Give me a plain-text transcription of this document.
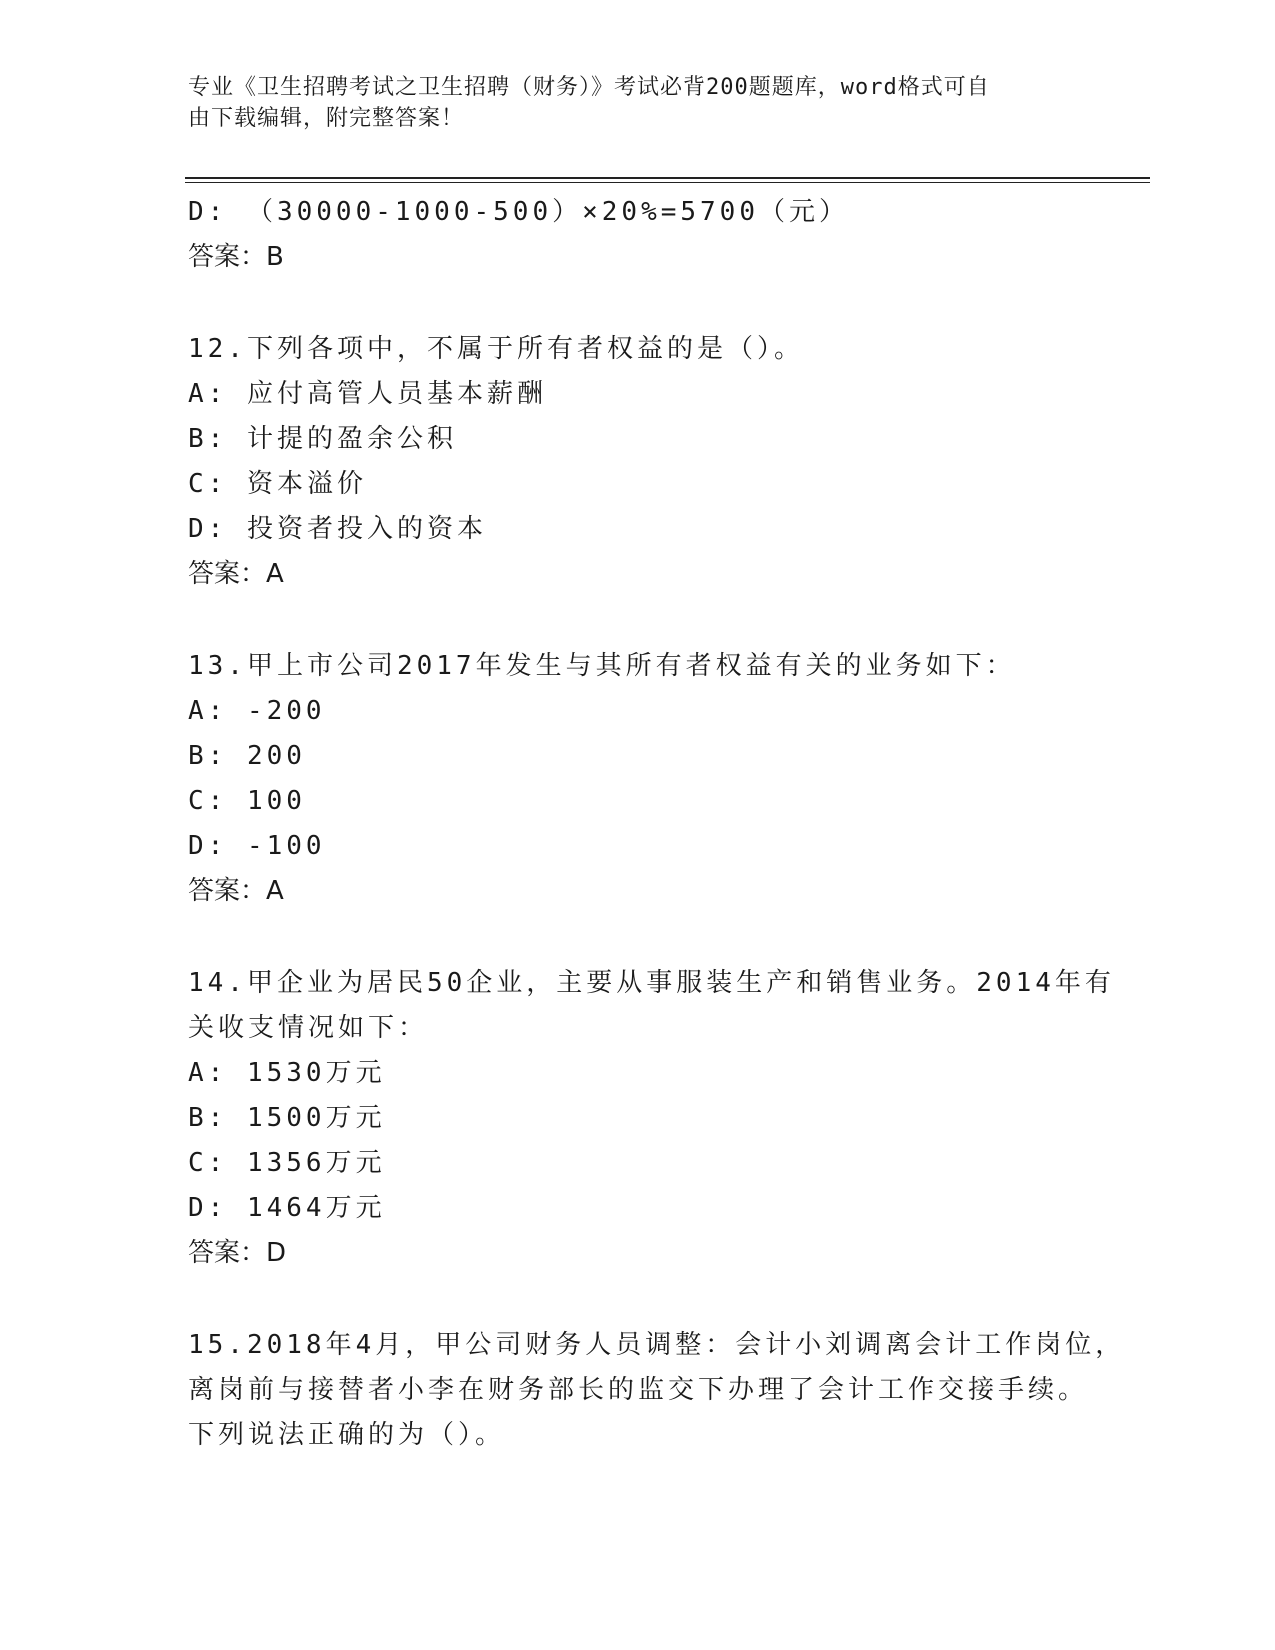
专业《卫生招聘考试之卫生招聘（财务）》考试必背200题题库，word格式可自
由下载编辑，附完整答案！
D: （30000-1000-500）×20%=5700（元）
答案：B
12.下列各项中，不属于所有者权益的是（）。
A: 应付高管人员基本薪酬
B: 计提的盈余公积
C: 资本溢价
D: 投资者投入的资本
答案：A
13.甲上市公司2017年发生与其所有者权益有关的业务如下：
A: -200
B: 200
C: 100
D: -100
答案：A
14.甲企业为居民50企业，主要从事服装生产和销售业务。2014年有
关收支情况如下：
A: 1530万元
B: 1500万元
C: 1356万元
D: 1464万元
答案：D
15.2018年4月，甲公司财务人员调整：会计小刘调离会计工作岗位，
离岗前与接替者小李在财务部长的监交下办理了会计工作交接手续。
下列说法正确的为（）。
